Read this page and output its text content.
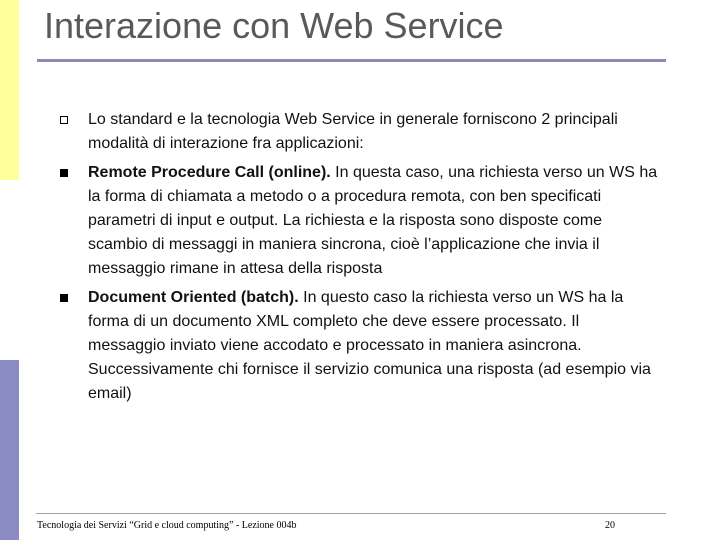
Interazione con Web Service
Lo standard e la tecnologia Web Service in generale forniscono 2 principali modalità di interazione fra applicazioni:
Remote Procedure Call (online). In questa caso, una richiesta verso un WS ha la forma di chiamata a metodo o a procedura remota, con ben specificati parametri di input e output. La richiesta e la risposta sono disposte come scambio di messaggi in maniera sincrona, cioè l’applicazione che invia il messaggio rimane in attesa della risposta
Document Oriented (batch). In questo caso la richiesta verso un WS ha la forma di un documento XML completo che deve essere processato. Il messaggio inviato viene accodato e processato in maniera asincrona. Successivamente chi fornisce il servizio comunica una risposta (ad esempio via email)
Tecnologia dei Servizi “Grid e cloud computing” - Lezione 004b	20
